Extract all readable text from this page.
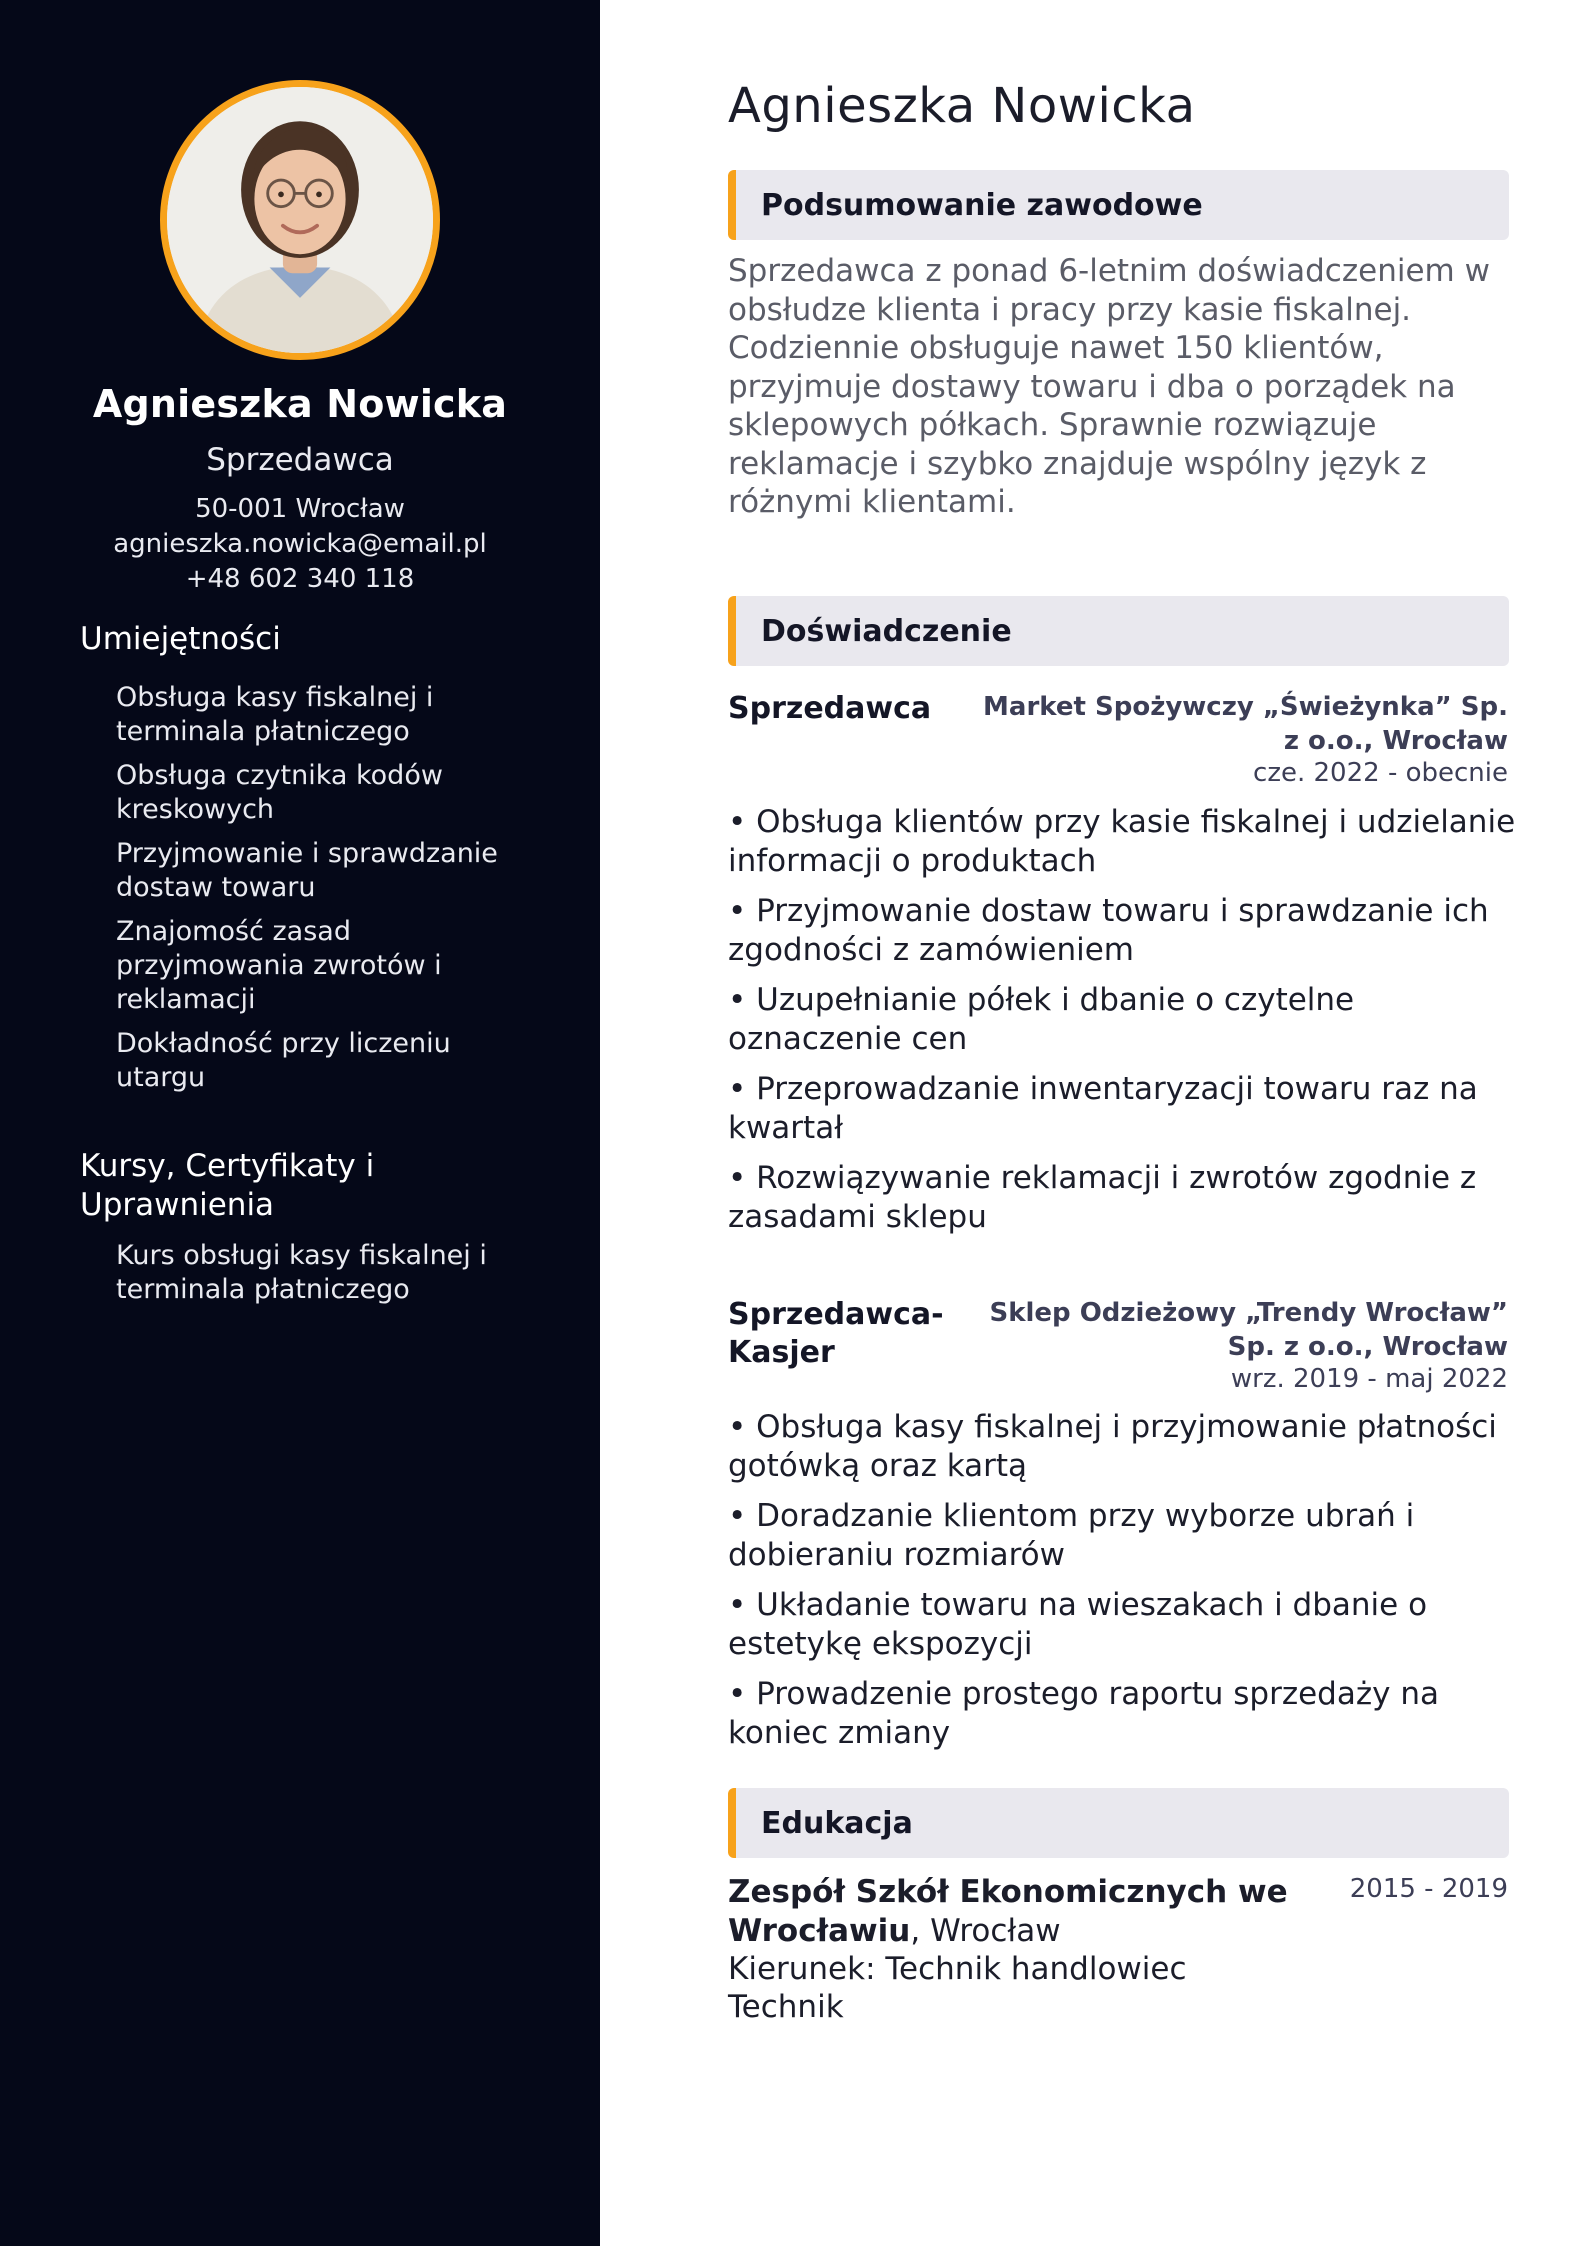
Agnieszka Nowicka
Sprzedawca
50-001 Wrocław
agnieszka.nowicka@email.pl
+48 602 340 118
Umiejętności
Obsługa kasy fiskalnej i terminala płatniczego
Obsługa czytnika kodów kreskowych
Przyjmowanie i sprawdzanie dostaw towaru
Znajomość zasad przyjmowania zwrotów i reklamacji
Dokładność przy liczeniu utargu
Kursy, Certyfikaty i Uprawnienia
Kurs obsługi kasy fiskalnej i terminala płatniczego
Agnieszka Nowicka
Podsumowanie zawodowe

Sprzedawca z ponad 6-letnim doświadczeniem w obsłudze klienta i pracy przy kasie fiskalnej. Codziennie obsługuje nawet 150 klientów, przyjmuje dostawy towaru i dba o porządek na sklepowych półkach. Sprawnie rozwiązuje reklamacje i szybko znajduje wspólny język z różnymi klientami.

Doświadczenie
Sprzedawca	Market Spożywczy „Świeżynka” Sp. z o.o., Wrocław
cze. 2022 - obecnie
• Obsługa klientów przy kasie fiskalnej i udzielanie informacji o produktach
• Przyjmowanie dostaw towaru i sprawdzanie ich zgodności z zamówieniem
• Uzupełnianie półek i dbanie o czytelne oznaczenie cen
• Przeprowadzanie inwentaryzacji towaru raz na kwartał
• Rozwiązywanie reklamacji i zwrotów zgodnie z zasadami sklepu
Sprzedawca-Kasjer
Sklep Odzieżowy „Trendy Wrocław” Sp. z o.o., Wrocław
wrz. 2019 - maj 2022
• Obsługa kasy fiskalnej i przyjmowanie płatności gotówką oraz kartą
• Doradzanie klientom przy wyborze ubrań i dobieraniu rozmiarów
• Układanie towaru na wieszakach i dbanie o estetykę ekspozycji
• Prowadzenie prostego raportu sprzedaży na koniec zmiany
Edukacja
Zespół Szkół Ekonomicznych we Wrocławiu, Wrocław
2015 - 2019
Kierunek: Technik handlowiec
Technik
